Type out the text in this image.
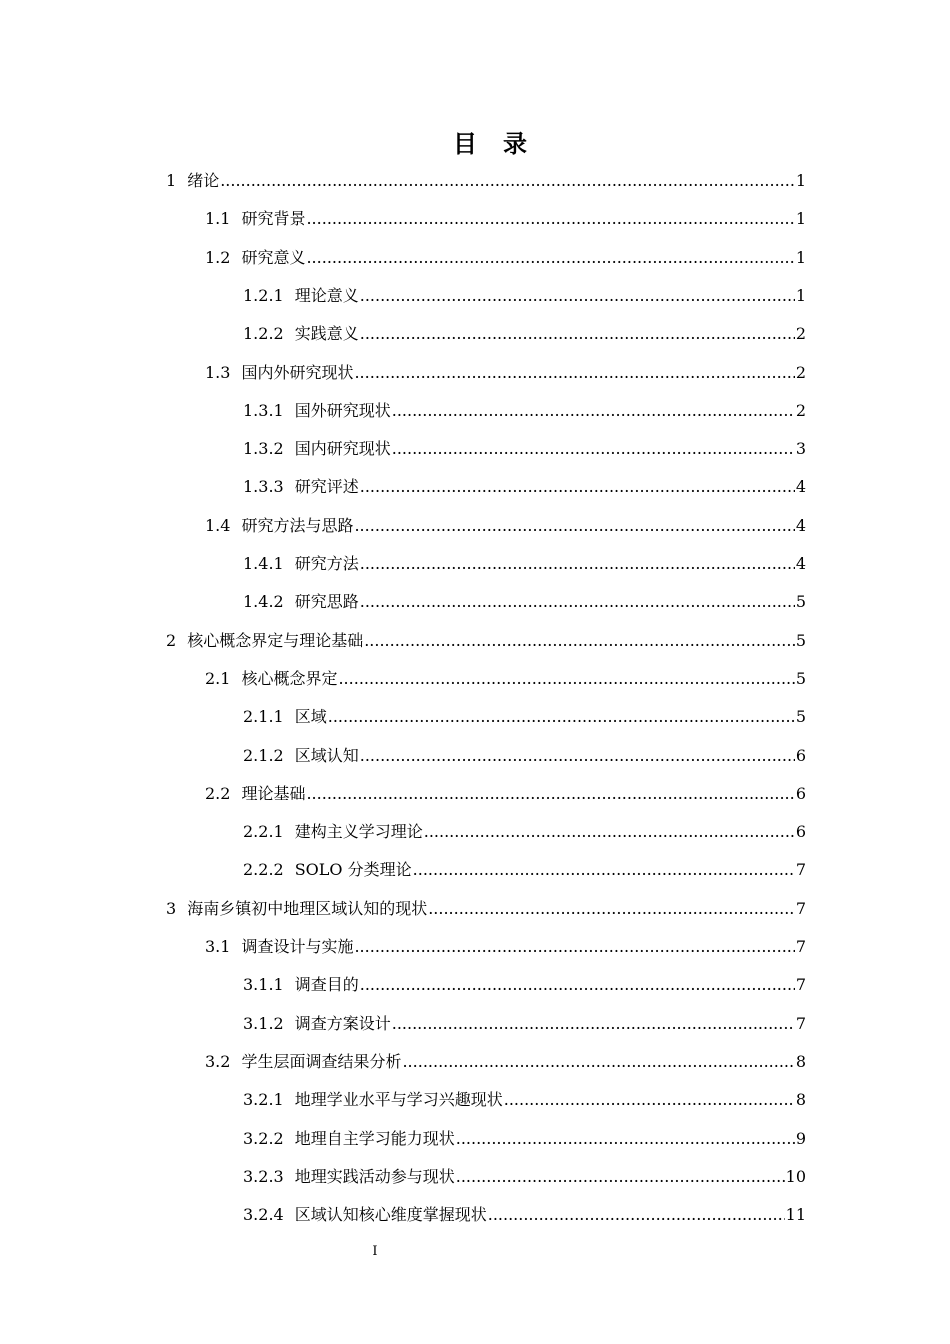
目 录
1 绪论 .....	1
1.1 研究背景 .....	1
1.2 研究意义 .....	1
1.2.1 理论意义 .....	1
1.2.2 实践意义 .....	2
1.3 国内外研究现状 .....	2
1.3.1 国外研究现状 .....	2
1.3.2 国内研究现状 .....	3
1.3.3 研究评述 .....	4
1.4 研究方法与思路 .....	4
1.4.1 研究方法 .....	4
1.4.2 研究思路 .....	5
2 核心概念界定与理论基础 .....	5
2.1 核心概念界定 .....	5
2.1.1 区域 .....	5
2.1.2 区域认知 .....	6
2.2 理论基础 .....	6
2.2.1 建构主义学习理论 .....	6
2.2.2 SOLO 分类理论 .....	7
3 海南乡镇初中地理区域认知的现状 .....	7
3.1 调查设计与实施 .....	7
3.1.1 调查目的 .....	7
3.1.2 调查方案设计 .....	7
3.2 学生层面调查结果分析 .....	8
3.2.1 地理学业水平与学习兴趣现状 .....	8
3.2.2 地理自主学习能力现状 .....	9
3.2.3 地理实践活动参与现状 .....	10
3.2.4 区域认知核心维度掌握现状 .....	11
I
